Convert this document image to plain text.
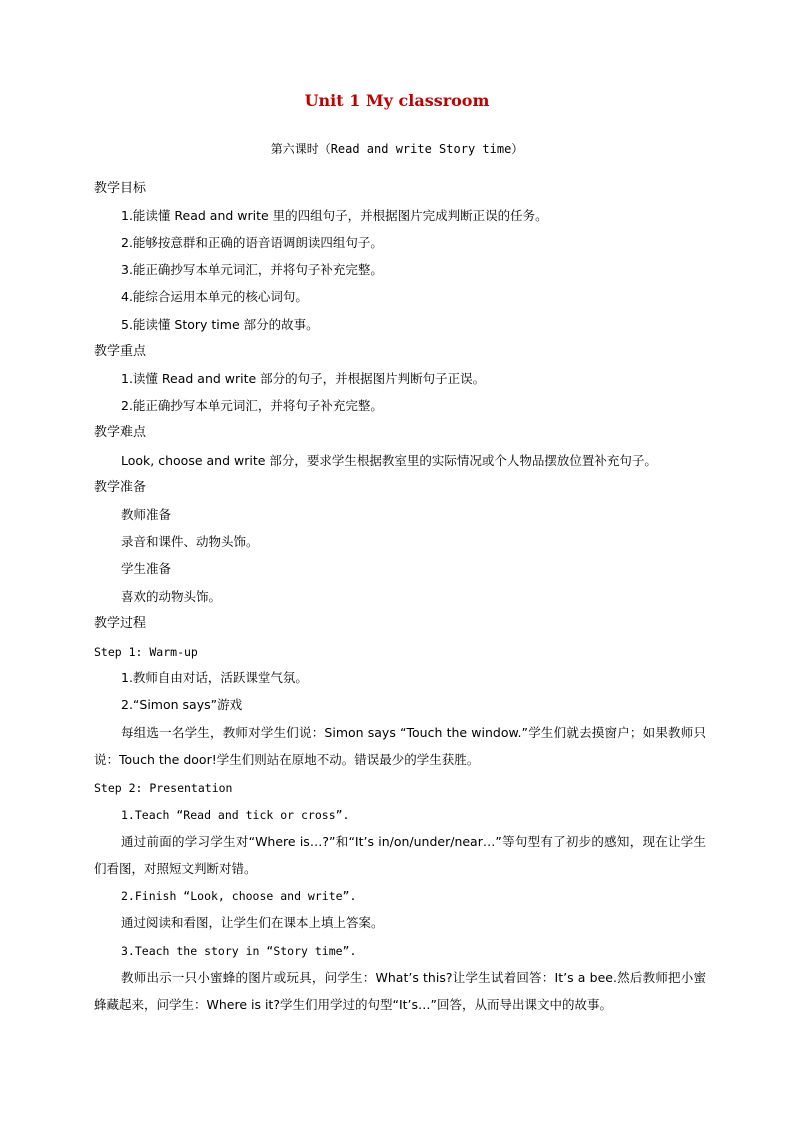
Unit 1 My classroom
第六课时（Read and write Story time）
教学目标
1.能读懂 Read and write 里的四组句子，并根据图片完成判断正误的任务。
2.能够按意群和正确的语音语调朗读四组句子。
3.能正确抄写本单元词汇，并将句子补充完整。
4.能综合运用本单元的核心词句。
5.能读懂 Story time 部分的故事。
教学重点
1.读懂 Read and write 部分的句子，并根据图片判断句子正误。
2.能正确抄写本单元词汇，并将句子补充完整。
教学难点
Look, choose and write 部分，要求学生根据教室里的实际情况或个人物品摆放位置补充句子。
教学准备
教师准备
录音和课件、动物头饰。
学生准备
喜欢的动物头饰。
教学过程
Step 1: Warm-up
1.教师自由对话，活跃课堂气氛。
2.“Simon says”游戏
每组选一名学生，教师对学生们说：Simon says “Touch the window.”学生们就去摸窗户；如果教师只说：Touch the door!学生们则站在原地不动。错误最少的学生获胜。
Step 2: Presentation
1.Teach “Read and tick or cross”.
通过前面的学习学生对“Where is…?”和“It’s in/on/under/near…”等句型有了初步的感知，现在让学生们看图，对照短文判断对错。
2.Finish “Look, choose and write”.
通过阅读和看图，让学生们在课本上填上答案。
3.Teach the story in “Story time”.
教师出示一只小蜜蜂的图片或玩具，问学生：What’s this?让学生试着回答：It’s a bee.然后教师把小蜜蜂藏起来，问学生：Where is it?学生们用学过的句型“It’s…”回答，从而导出课文中的故事。
